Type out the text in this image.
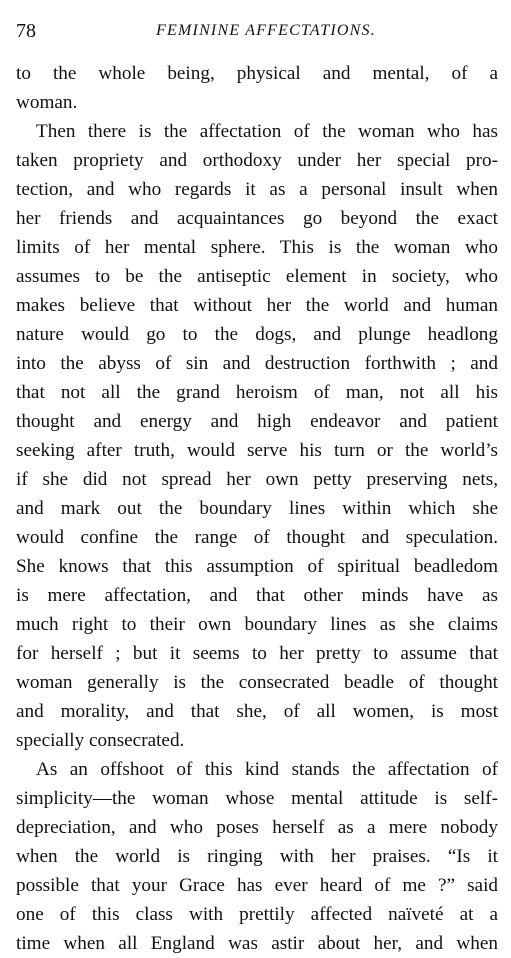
78	FEMININE AFFECTATIONS.
to the whole being, physical and mental, of a
woman.
Then there is the affectation of the woman who has
taken propriety and orthodoxy under her special pro-
tection, and who regards it as a personal insult when
her friends and acquaintances go beyond the exact
limits of her mental sphere. This is the woman who
assumes to be the antiseptic element in society, who
makes believe that without her the world and human
nature would go to the dogs, and plunge headlong
into the abyss of sin and destruction forthwith ; and
that not all the grand heroism of man, not all his
thought and energy and high endeavor and patient
seeking after truth, would serve his turn or the world’s
if she did not spread her own petty preserving nets,
and mark out the boundary lines within which she
would confine the range of thought and speculation.
She knows that this assumption of spiritual beadledom
is mere affectation, and that other minds have as
much right to their own boundary lines as she claims
for herself ; but it seems to her pretty to assume that
woman generally is the consecrated beadle of thought
and morality, and that she, of all women, is most
specially consecrated.
As an offshoot of this kind stands the affectation of
simplicity—the woman whose mental attitude is self-
depreciation, and who poses herself as a mere nobody
when the world is ringing with her praises. “Is it
possible that your Grace has ever heard of me ?” said
one of this class with prettily affected naïveté at a
time when all England was astir about her, and when
